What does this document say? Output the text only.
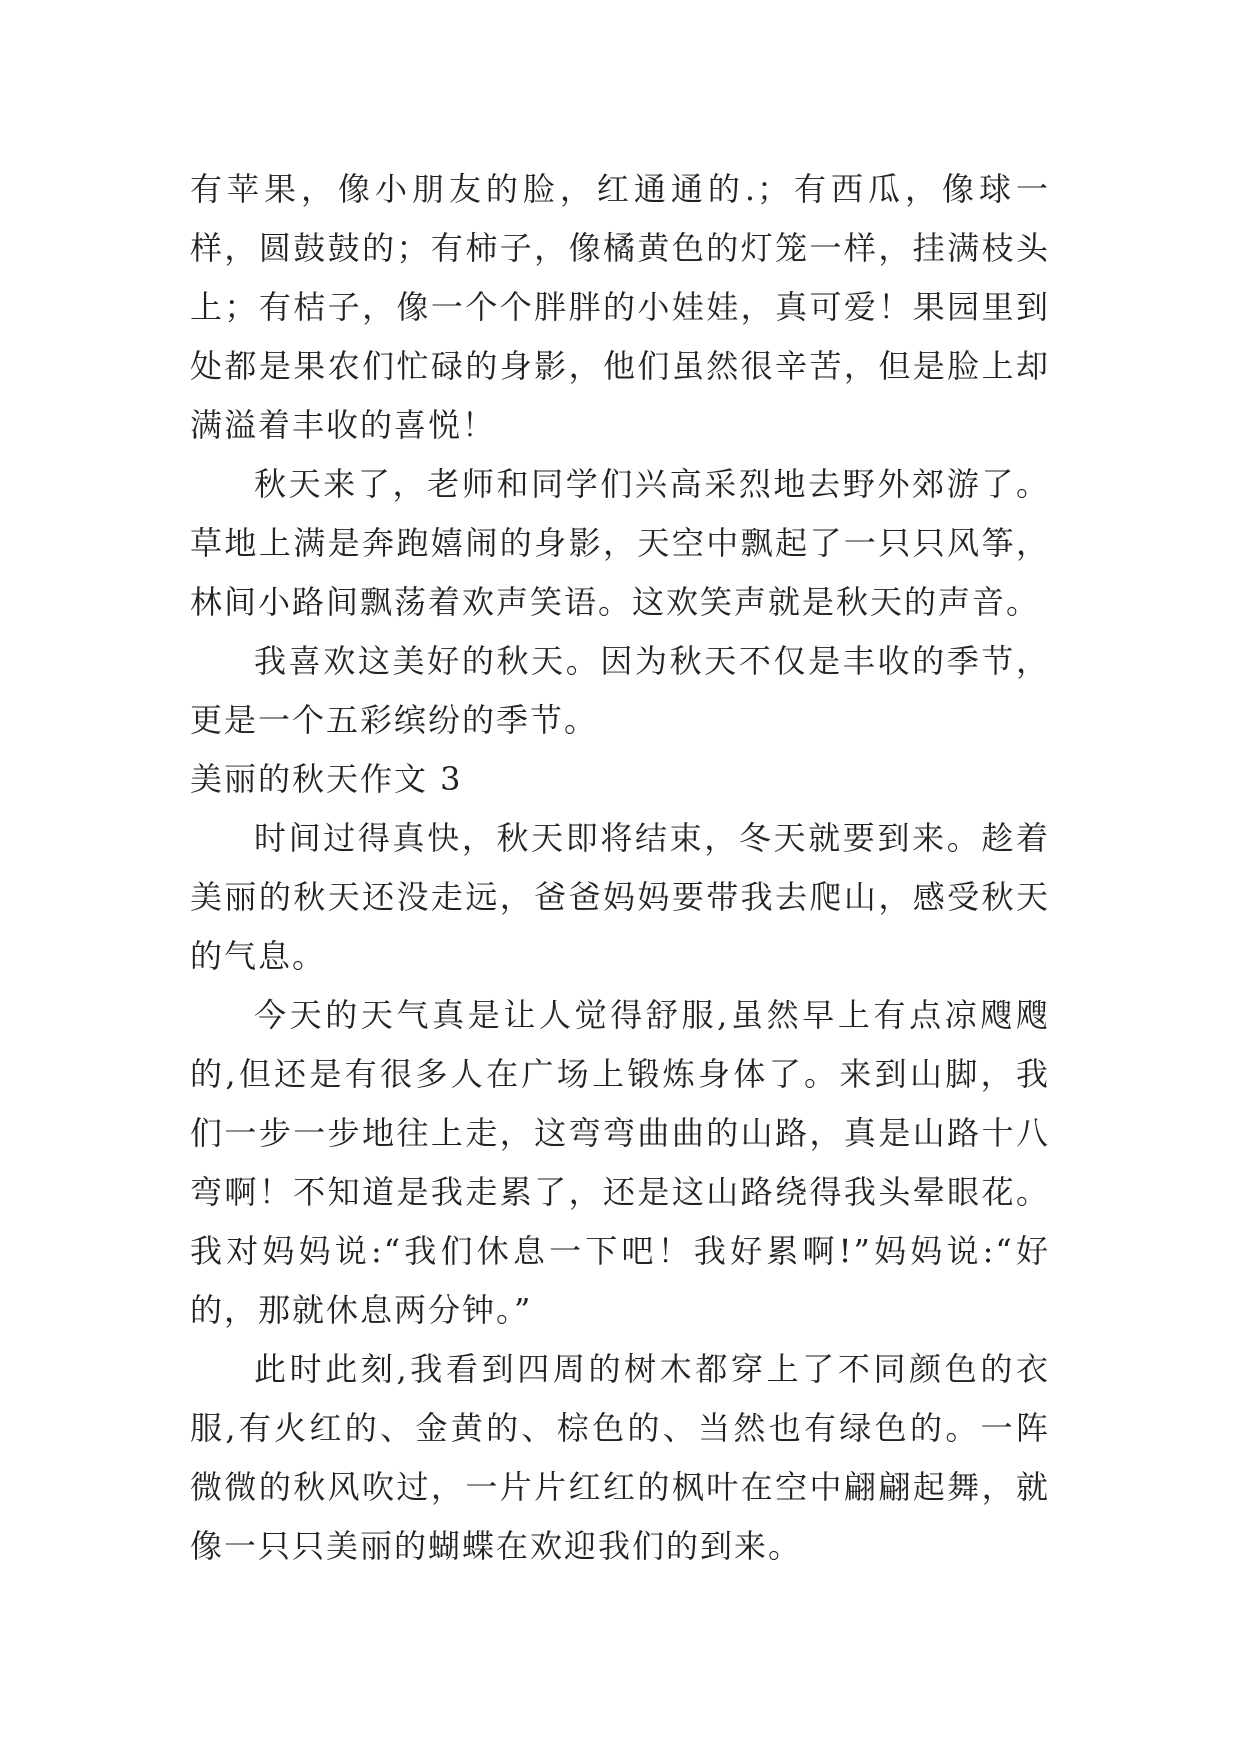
有苹果，像小朋友的脸，红通通的.；有西瓜，像球一样，圆鼓鼓的；有柿子，像橘黄色的灯笼一样，挂满枝头上；有桔子，像一个个胖胖的小娃娃，真可爱！果园里到处都是果农们忙碌的身影，他们虽然很辛苦，但是脸上却满溢着丰收的喜悦！

秋天来了，老师和同学们兴高采烈地去野外郊游了。草地上满是奔跑嬉闹的身影，天空中飘起了一只只风筝，林间小路间飘荡着欢声笑语。这欢笑声就是秋天的声音。

我喜欢这美好的秋天。因为秋天不仅是丰收的季节，更是一个五彩缤纷的季节。

美丽的秋天作文 3

时间过得真快，秋天即将结束，冬天就要到来。趁着美丽的秋天还没走远，爸爸妈妈要带我去爬山，感受秋天的气息。

今天的天气真是让人觉得舒服,虽然早上有点凉飕飕的,但还是有很多人在广场上锻炼身体了。来到山脚，我们一步一步地往上走，这弯弯曲曲的山路，真是山路十八弯啊！不知道是我走累了，还是这山路绕得我头晕眼花。我对妈妈说:“我们休息一下吧！我好累啊!”妈妈说:“好的，那就休息两分钟。”

此时此刻,我看到四周的树木都穿上了不同颜色的衣服,有火红的、金黄的、棕色的、当然也有绿色的。一阵微微的秋风吹过，一片片红红的枫叶在空中翩翩起舞，就像一只只美丽的蝴蝶在欢迎我们的到来。
